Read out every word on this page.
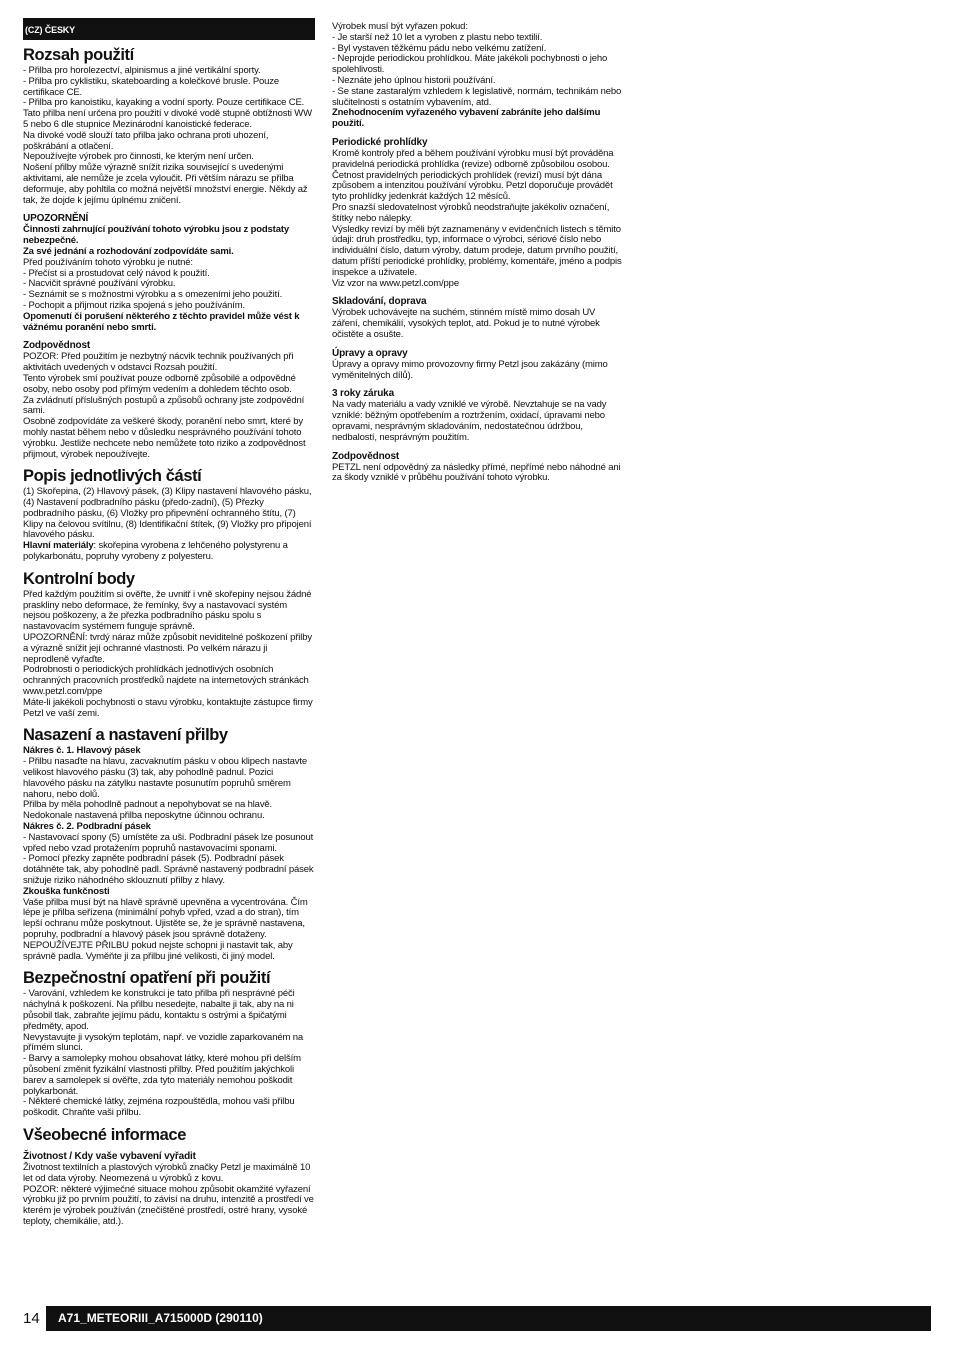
(CZ) ČESKY
Rozsah použití

- Přilba pro horolezectví, alpinismus a jiné vertikální sporty.

- Přilba pro cyklistiku, skateboarding a kolečkové brusle. Pouze certifikace CE.

- Přilba pro kanoistiku, kayaking a vodní sporty. Pouze certifikace CE. Tato přilba není určena pro použití v divoké vodě stupně obtížnosti WW 5 nebo 6 dle stupnice Mezinárodní kanoistické federace.

Na divoké vodě slouží tato přilba jako ochrana proti uhození, poškrábání a otlačení.

Nepoužívejte výrobek pro činnosti, ke kterým není určen.

Nošení přilby může výrazně snížit rizika související s uvedenými aktivitami, ale nemůže je zcela vyloučit. Při větším nárazu se přilba deformuje, aby pohltila co možná největší množství energie. Někdy až tak, že dojde k jejímu úplnému zničení.

UPOZORNĚNÍ

Činnosti zahrnující používání tohoto výrobku jsou z podstaty nebezpečné.

Za své jednání a rozhodování zodpovídáte sami.

Před používáním tohoto výrobku je nutné:

- Přečíst si a prostudovat celý návod k použití.

- Nacvičit správné používání výrobku.

- Seznámit se s možnostmi výrobku a s omezeními jeho použití.

- Pochopit a přijmout rizika spojená s jeho používáním.

Opomenutí či porušení některého z těchto pravidel může vést k vážnému poranění nebo smrti.

Zodpovědnost

POZOR: Před použitím je nezbytný nácvik technik používaných při aktivitách uvedených v odstavci Rozsah použití.

Tento výrobek smí používat pouze odborně způsobilé a odpovědné osoby, nebo osoby pod přímým vedením a dohledem těchto osob.

Za zvládnutí příslušných postupů a způsobů ochrany jste zodpovědní sami.

Osobně zodpovídáte za veškeré škody, poranění nebo smrt, které by mohly nastat během nebo v důsledku nesprávného používání tohoto výrobku. Jestliže nechcete nebo nemůžete toto riziko a zodpovědnost přijmout, výrobek nepoužívejte.

Popis jednotlivých částí

(1) Skořepina, (2) Hlavový pásek, (3) Klipy nastavení hlavového pásku, (4) Nastavení podbradního pásku (předo-zadní), (5) Přezky podbradního pásku, (6) Vložky pro připevnění ochranného štítu, (7) Klipy na čelovou svítilnu, (8) Identifikační štítek, (9) Vložky pro připojení hlavového pásku.

Hlavní materiály: skořepina vyrobena z lehčeného polystyrenu a polykarbonátu, popruhy vyrobeny z polyesteru.

Kontrolní body

Před každým použitím si ověřte, že uvnitř i vně skořepiny nejsou žádné praskliny nebo deformace, že řemínky, švy a nastavovací systém nejsou poškozeny, a že přezka podbradního pásku spolu s nastavovacím systémem funguje správně.

UPOZORNĚNÍ: tvrdý náraz může způsobit neviditelné poškození přilby a výrazně snížit její ochranné vlastnosti. Po velkém nárazu ji neprodleně vyřaďte.

Podrobnosti o periodických prohlídkách jednotlivých osobních ochranných pracovních prostředků najdete na internetových stránkách www.petzl.com/ppe

Máte-li jakékoli pochybnosti o stavu výrobku, kontaktujte zástupce firmy Petzl ve vaší zemi.

Nasazení a nastavení přilby

Nákres č. 1. Hlavový pásek

- Přilbu nasaďte na hlavu, zacvaknutím pásku v obou klipech nastavte velikost hlavového pásku (3) tak, aby pohodlně padnul. Pozici hlavového pásku na zátylku nastavte posunutím popruhů směrem nahoru, nebo dolů.

Přilba by měla pohodlně padnout a nepohybovat se na hlavě. Nedokonale nastavená přilba neposkytne účinnou ochranu.

Nákres č. 2. Podbradní pásek

- Nastavovací spony (5) umístěte za uši. Podbradní pásek lze posunout vpřed nebo vzad protažením popruhů nastavovacími sponami.

- Pomocí přezky zapněte podbradní pásek (5). Podbradní pásek dotáhněte tak, aby pohodlně padl. Správně nastavený podbradní pásek snižuje riziko náhodného sklouznutí přilby z hlavy.

Zkouška funkčnosti

Vaše přilba musí být na hlavě správně upevněna a vycentrována. Čím lépe je přilba seřízena (minimální pohyb vpřed, vzad a do stran), tím lepší ochranu může poskytnout. Ujistěte se, že je správně nastavena, popruhy, podbradní a hlavový pásek jsou správně dotaženy.

NEPOUŽÍVEJTE PŘILBU pokud nejste schopni ji nastavit tak, aby správně padla. Vyměňte ji za přilbu jiné velikosti, či jiný model.

Bezpečnostní opatření při použití

- Varování, vzhledem ke konstrukci je tato přilba při nesprávné péči náchylná k poškození. Na přilbu nesedejte, nabalte ji tak, aby na ni působil tlak, zabraňte jejímu pádu, kontaktu s ostrými a špičatými předměty, apod.

Nevystavujte ji vysokým teplotám, např. ve vozidle zaparkovaném na přímém slunci.

- Barvy a samolepky mohou obsahovat látky, které mohou při delším působení změnit fyzikální vlastnosti přilby. Před použitím jakýchkoli barev a samolepek si ověřte, zda tyto materiály nemohou poškodit polykarbonát.

- Některé chemické látky, zejména rozpouštědla, mohou vaši přilbu poškodit. Chraňte vaši přilbu.

Všeobecné informace
Životnost / Kdy vaše vybavení vyřadit

Životnost textilních a plastových výrobků značky Petzl je maximálně 10 let od data výroby. Neomezená u výrobků z kovu.

POZOR: některé výjimečné situace mohou způsobit okamžité vyřazení výrobku již po prvním použití, to závisí na druhu, intenzitě a prostředí ve kterém je výrobek používán (znečištěné prostředí, ostré hrany, vysoké teploty, chemikálie, atd.).

Výrobek musí být vyřazen pokud:

- Je starší než 10 let a vyroben z plastu nebo textilií.

- Byl vystaven těžkému pádu nebo velkému zatížení.

- Neprojde periodickou prohlídkou. Máte jakékoli pochybnosti o jeho spolehlivosti.

- Neznáte jeho úplnou historii používání.

- Se stane zastaralým vzhledem k legislativě, normám, technikám nebo slučitelnosti s ostatním vybavením, atd.

Znehodnocením vyřazeného vybavení zabráníte jeho dalšímu použití.

Periodické prohlídky

Kromě kontroly před a během používání výrobku musí být prováděna pravidelná periodická prohlídka (revize) odborně způsobilou osobou. Četnost pravidelných periodických prohlídek (revizí) musí být dána způsobem a intenzitou používání výrobku. Petzl doporučuje provádět tyto prohlídky jedenkrát každých 12 měsíců.

Pro snazší sledovatelnost výrobků neodstraňujte jakékoliv označení, štítky nebo nálepky.

Výsledky revizí by měli být zaznamenány v evidenčních listech s těmito údaji: druh prostředku, typ, informace o výrobci, sériové číslo nebo individuální číslo, datum výroby, datum prodeje, datum prvního použití, datum příští periodické prohlídky, problémy, komentáře, jméno a podpis inspekce a uživatele.

Viz vzor na www.petzl.com/ppe

Skladování, doprava

Výrobek uchovávejte na suchém, stinném místě mimo dosah UV záření, chemikálií, vysokých teplot, atd. Pokud je to nutné výrobek očistěte a osušte.

Úpravy a opravy

Úpravy a opravy mimo provozovny firmy Petzl jsou zakázány (mimo vyměnitelných dílů).

3 roky záruka

Na vady materiálu a vady vzniklé ve výrobě. Nevztahuje se na vady vzniklé: běžným opotřebením a roztržením, oxidací, úpravami nebo opravami, nesprávným skladováním, nedostatečnou údržbou, nedbalostí, nesprávným použitím.

Zodpovědnost

PETZL není odpovědný za následky přímé, nepřímé nebo náhodné ani za škody vzniklé v průběhu používání tohoto výrobku.

14	A71_METEORIII_A715000D (290110)
